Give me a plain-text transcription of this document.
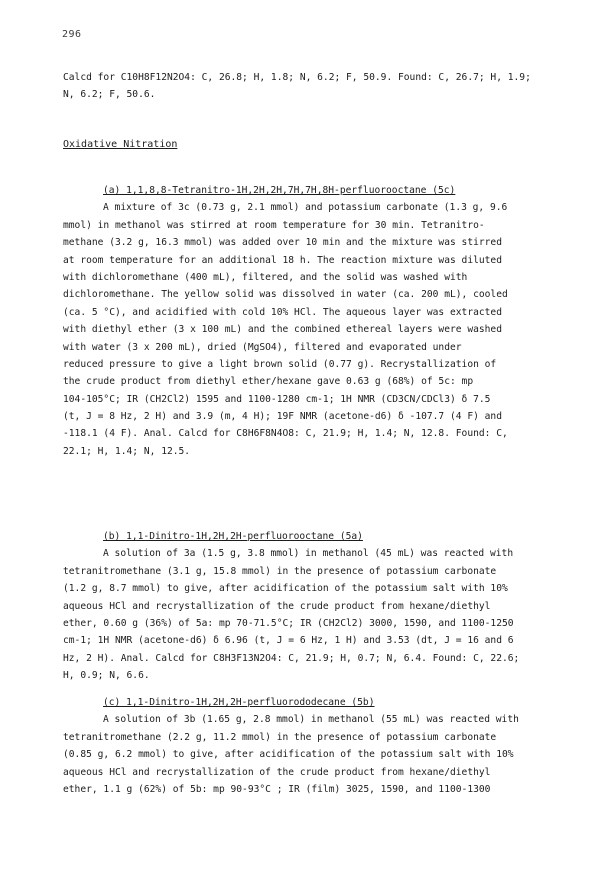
296
Calcd for C10H8F12N2O4: C, 26.8; H, 1.8; N, 6.2; F, 50.9. Found: C, 26.7; H, 1.9;
N, 6.2; F, 50.6.
Oxidative Nitration
(a) 1,1,8,8-Tetranitro-1H,2H,2H,7H,7H,8H-perfluorooctane (5c)
A mixture of 3c (0.73 g, 2.1 mmol) and potassium carbonate (1.3 g, 9.6
mmol) in methanol was stirred at room temperature for 30 min. Tetranitro-
methane (3.2 g, 16.3 mmol) was added over 10 min and the mixture was stirred
at room temperature for an additional 18 h. The reaction mixture was diluted
with dichloromethane (400 mL), filtered, and the solid was washed with
dichloromethane. The yellow solid was dissolved in water (ca. 200 mL), cooled
(ca. 5 °C), and acidified with cold 10% HCl. The aqueous layer was extracted
with diethyl ether (3 x 100 mL) and the combined ethereal layers were washed
with water (3 x 200 mL), dried (MgSO4), filtered and evaporated under
reduced pressure to give a light brown solid (0.77 g). Recrystallization of
the crude product from diethyl ether/hexane gave 0.63 g (68%) of 5c: mp
104-105°C; IR (CH2Cl2) 1595 and 1100-1280 cm-1; 1H NMR (CD3CN/CDCl3) δ 7.5
(t, J = 8 Hz, 2 H) and 3.9 (m, 4 H); 19F NMR (acetone-d6) δ -107.7 (4 F) and
-118.1 (4 F). Anal. Calcd for C8H6F8N4O8: C, 21.9; H, 1.4; N, 12.8. Found: C,
22.1; H, 1.4; N, 12.5.
(b) 1,1-Dinitro-1H,2H,2H-perfluorooctane (5a)
A solution of 3a (1.5 g, 3.8 mmol) in methanol (45 mL) was reacted with
tetranitromethane (3.1 g, 15.8 mmol) in the presence of potassium carbonate
(1.2 g, 8.7 mmol) to give, after acidification of the potassium salt with 10%
aqueous HCl and recrystallization of the crude product from hexane/diethyl
ether, 0.60 g (36%) of 5a: mp 70-71.5°C; IR (CH2Cl2) 3000, 1590, and 1100-1250
cm-1; 1H NMR (acetone-d6) δ 6.96 (t, J = 6 Hz, 1 H) and 3.53 (dt, J = 16 and 6
Hz, 2 H). Anal. Calcd for C8H3F13N2O4: C, 21.9; H, 0.7; N, 6.4. Found: C, 22.6;
H, 0.9; N, 6.6.
(c) 1,1-Dinitro-1H,2H,2H-perfluorododecane (5b)
A solution of 3b (1.65 g, 2.8 mmol) in methanol (55 mL) was reacted with
tetranitromethane (2.2 g, 11.2 mmol) in the presence of potassium carbonate
(0.85 g, 6.2 mmol) to give, after acidification of the potassium salt with 10%
aqueous HCl and recrystallization of the crude product from hexane/diethyl
ether, 1.1 g (62%) of 5b: mp 90-93°C ; IR (film) 3025, 1590, and 1100-1300
